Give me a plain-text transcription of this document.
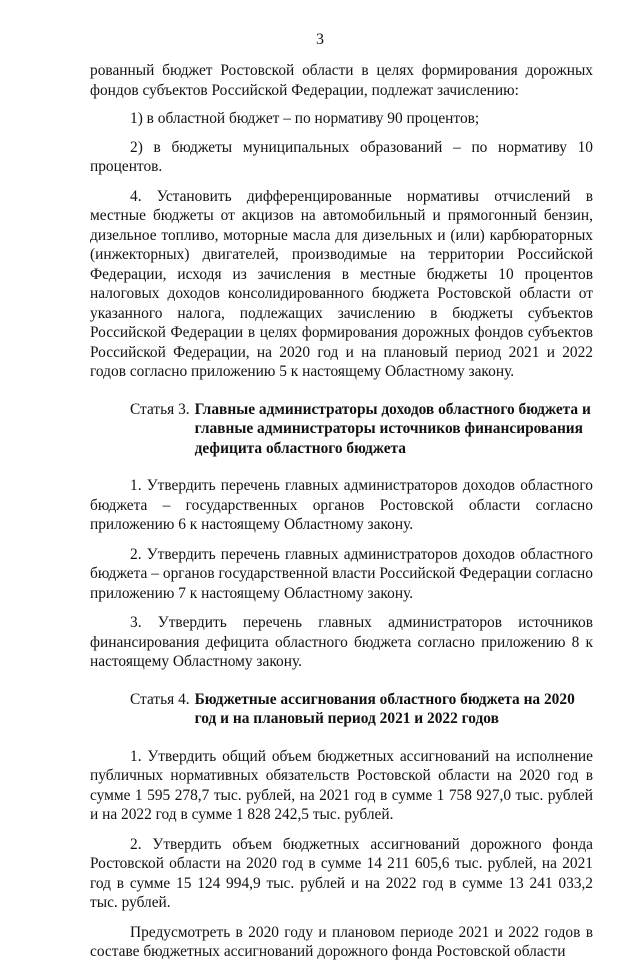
3

рованный бюджет Ростовской области в целях формирования дорожных фондов субъектов Российской Федерации, подлежат зачислению:

1) в областной бюджет – по нормативу 90 процентов;

2) в бюджеты муниципальных образований – по нормативу 10 процентов.

4. Установить дифференцированные нормативы отчислений в местные бюджеты от акцизов на автомобильный и прямогонный бензин, дизельное топливо, моторные масла для дизельных и (или) карбюраторных (инжекторных) двигателей, производимые на территории Российской Федерации, исходя из зачисления в местные бюджеты 10 процентов налоговых доходов консолидированного бюджета Ростовской области от указанного налога, подлежащих зачислению в бюджеты субъектов Российской Федерации в целях формирования дорожных фондов субъектов Российской Федерации, на 2020 год и на плановый период 2021 и 2022 годов согласно приложению 5 к настоящему Областному закону.

Статья 3. Главные администраторы доходов областного бюджета и главные администраторы источников финансирования дефицита областного бюджета

1. Утвердить перечень главных администраторов доходов областного бюджета – государственных органов Ростовской области согласно приложению 6 к настоящему Областному закону.

2. Утвердить перечень главных администраторов доходов областного бюджета – органов государственной власти Российской Федерации согласно приложению 7 к настоящему Областному закону.

3. Утвердить перечень главных администраторов источников финансирования дефицита областного бюджета согласно приложению 8 к настоящему Областному закону.

Статья 4. Бюджетные ассигнования областного бюджета на 2020 год и на плановый период 2021 и 2022 годов

1. Утвердить общий объем бюджетных ассигнований на исполнение публичных нормативных обязательств Ростовской области на 2020 год в сумме 1 595 278,7 тыс. рублей, на 2021 год в сумме 1 758 927,0 тыс. рублей и на 2022 год в сумме 1 828 242,5 тыс. рублей.

2. Утвердить объем бюджетных ассигнований дорожного фонда Ростовской области на 2020 год в сумме 14 211 605,6 тыс. рублей, на 2021 год в сумме 15 124 994,9 тыс. рублей и на 2022 год в сумме 13 241 033,2 тыс. рублей.

Предусмотреть в 2020 году и плановом периоде 2021 и 2022 годов в составе бюджетных ассигнований дорожного фонда Ростовской области
